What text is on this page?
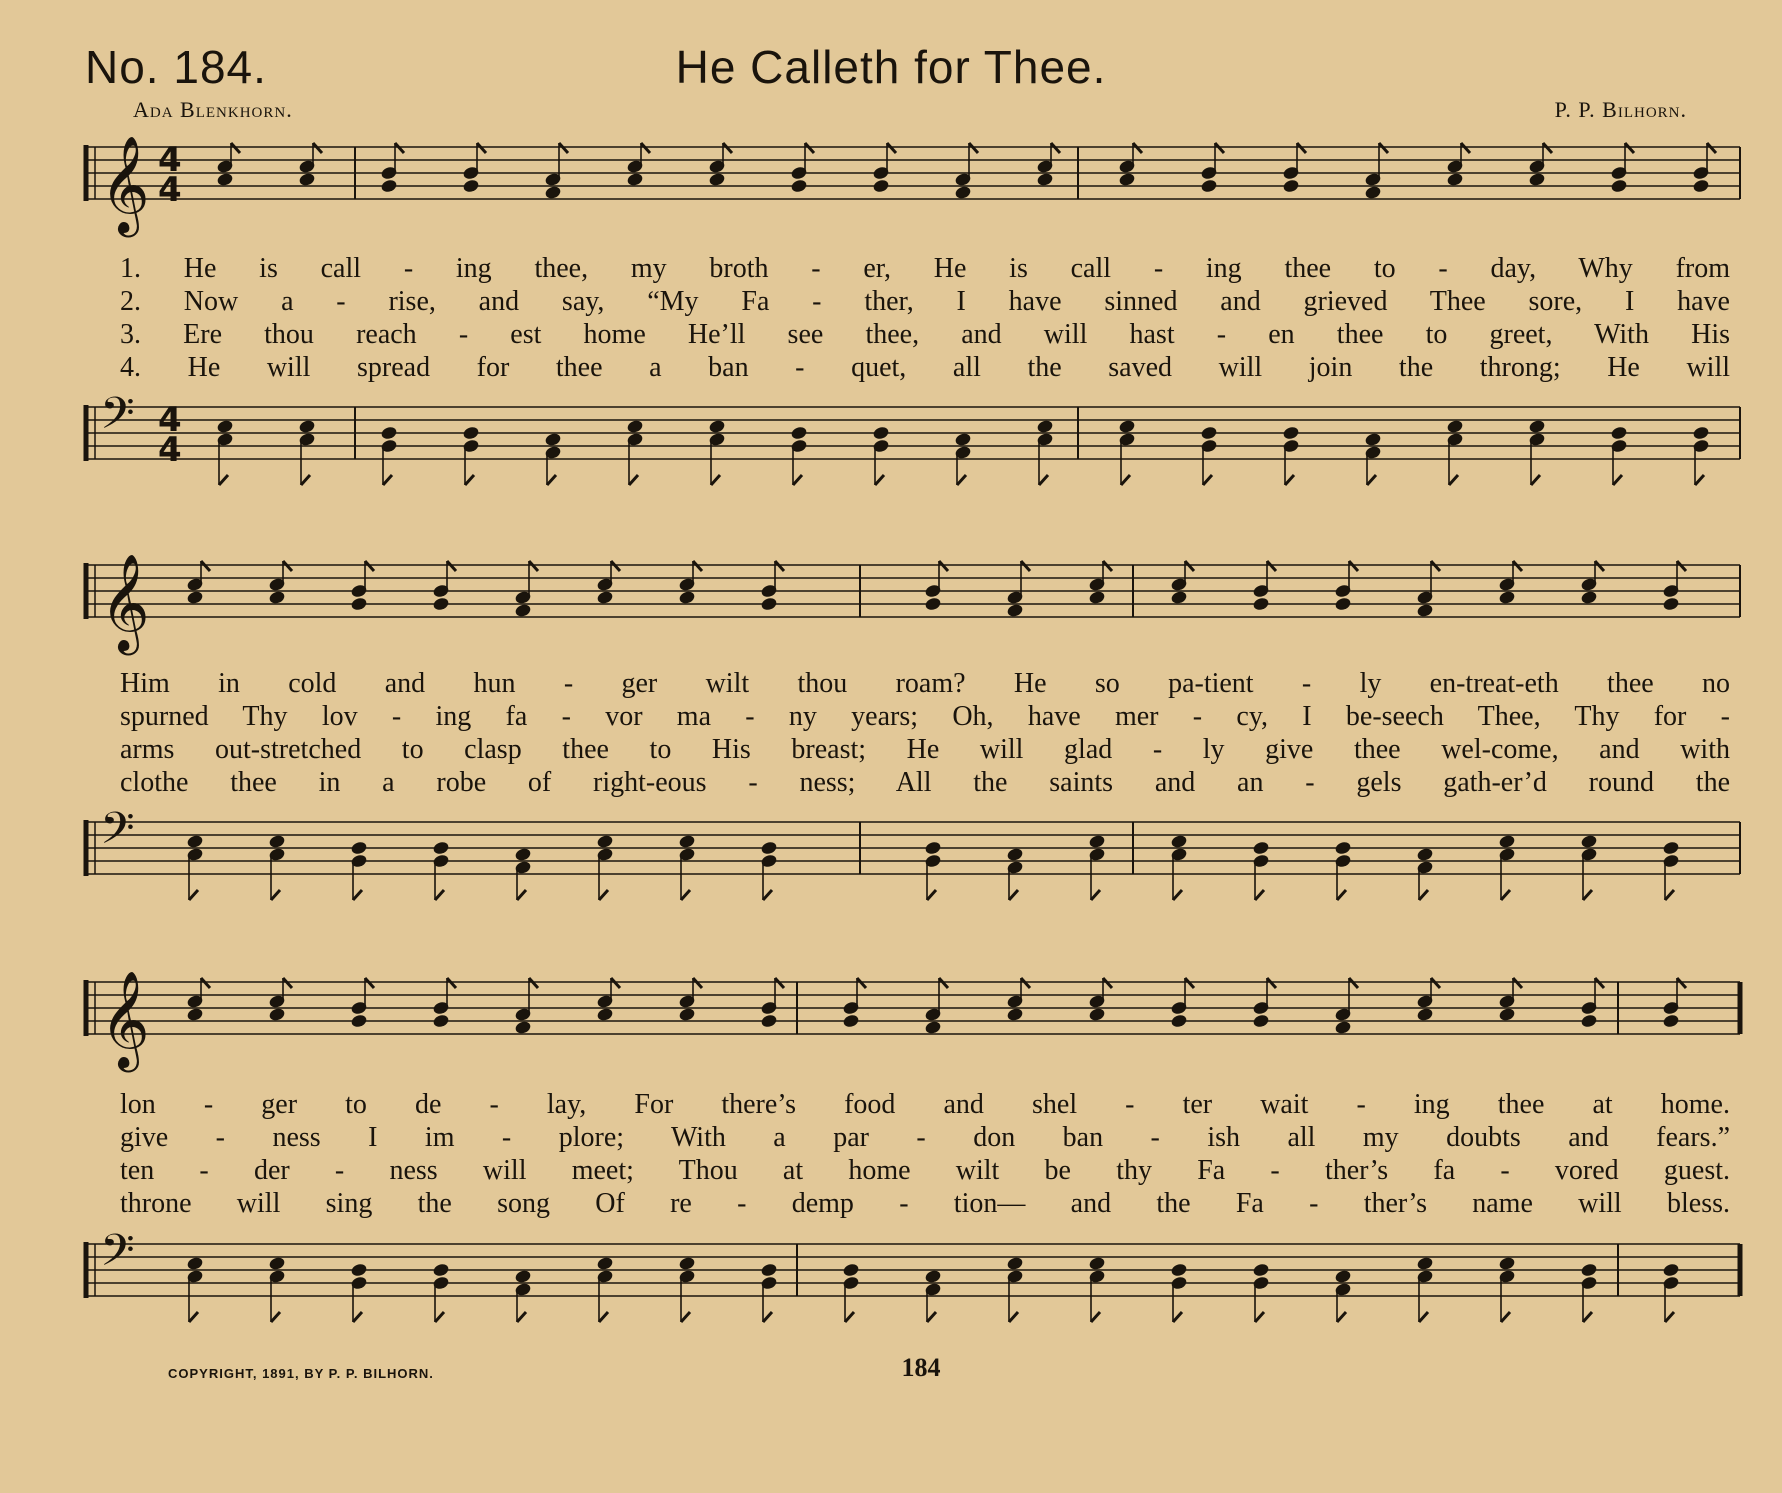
No. 184.	He Calleth for Thee.
Ada Blenkhorn.	P. P. Bilhorn.
𝄞 4
4
1. He is call - ing thee, my broth - er, He is call - ing thee to - day, Why from
2. Now a - rise, and say, “My Fa - ther, I have sinned and grieved Thee sore, I have
3. Ere thou reach - est home He’ll see thee, and will hast - en thee to greet, With His
4. He will spread for thee a ban - quet, all the saved will join the throng; He will
𝄢 4
4
𝄞
Him in cold and hun - ger wilt thou roam? He so pa-tient - ly en-treat-eth thee no
spurned Thy lov - ing fa - vor ma - ny years; Oh, have mer - cy, I be-seech Thee, Thy for -
arms out-stretched to clasp thee to His breast; He will glad - ly give thee wel-come, and with
clothe thee in a robe of right-eous - ness; All the saints and an - gels gath-er’d round the
𝄢
𝄞
lon - ger to de - lay, For there’s food and shel - ter wait - ing thee at home.
give - ness I im - plore; With a par - don ban - ish all my doubts and fears.”
ten - der - ness will meet; Thou at home wilt be thy Fa - ther’s fa - vored guest.
throne will sing the song Of re - demp - tion— and the Fa - ther’s name will bless.
𝄢
COPYRIGHT, 1891, BY P. P. BILHORN.	184
